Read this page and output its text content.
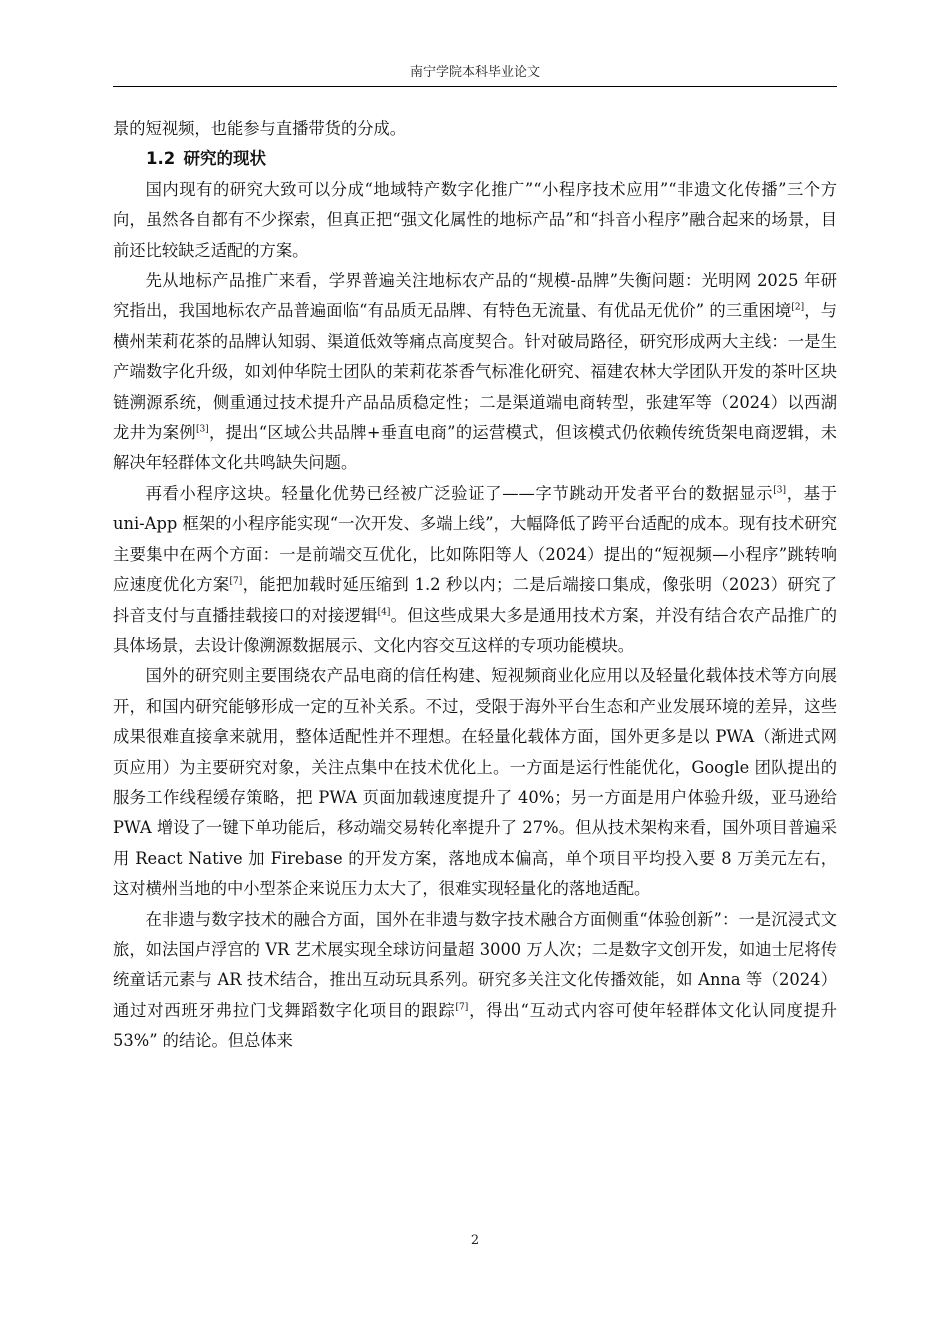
南宁学院本科毕业论文

景的短视频，也能参与直播带货的分成。

1.2 研究的现状

国内现有的研究大致可以分成“地域特产数字化推广”“小程序技术应用”“非遗文化传播”三个方向，虽然各自都有不少探索，但真正把“强文化属性的地标产品”和“抖音小程序”融合起来的场景，目前还比较缺乏适配的方案。

先从地标产品推广来看，学界普遍关注地标农产品的“规模-品牌”失衡问题：光明网 2025 年研究指出，我国地标农产品普遍面临“有品质无品牌、有特色无流量、有优品无优价” 的三重困境[2]，与横州茉莉花茶的品牌认知弱、渠道低效等痛点高度契合。针对破局路径，研究形成两大主线：一是生产端数字化升级，如刘仲华院士团队的茉莉花茶香气标准化研究、福建农林大学团队开发的茶叶区块链溯源系统，侧重通过技术提升产品品质稳定性；二是渠道端电商转型，张建军等（2024）以西湖龙井为案例[3]，提出“区域公共品牌+垂直电商”的运营模式，但该模式仍依赖传统货架电商逻辑，未解决年轻群体文化共鸣缺失问题。

再看小程序这块。轻量化优势已经被广泛验证了——字节跳动开发者平台的数据显示[3]，基于 uni-App 框架的小程序能实现“一次开发、多端上线”，大幅降低了跨平台适配的成本。现有技术研究主要集中在两个方面：一是前端交互优化，比如陈阳等人（2024）提出的“短视频—小程序”跳转响应速度优化方案[7]，能把加载时延压缩到 1.2 秒以内；二是后端接口集成，像张明（2023）研究了抖音支付与直播挂载接口的对接逻辑[4]。但这些成果大多是通用技术方案，并没有结合农产品推广的具体场景，去设计像溯源数据展示、文化内容交互这样的专项功能模块。

国外的研究则主要围绕农产品电商的信任构建、短视频商业化应用以及轻量化载体技术等方向展开，和国内研究能够形成一定的互补关系。不过，受限于海外平台生态和产业发展环境的差异，这些成果很难直接拿来就用，整体适配性并不理想。在轻量化载体方面，国外更多是以 PWA（渐进式网页应用）为主要研究对象，关注点集中在技术优化上。一方面是运行性能优化，Google 团队提出的服务工作线程缓存策略，把 PWA 页面加载速度提升了 40%；另一方面是用户体验升级，亚马逊给 PWA 增设了一键下单功能后，移动端交易转化率提升了 27%。但从技术架构来看，国外项目普遍采用 React Native 加 Firebase 的开发方案，落地成本偏高，单个项目平均投入要 8 万美元左右，这对横州当地的中小型茶企来说压力太大了，很难实现轻量化的落地适配。

在非遗与数字技术的融合方面，国外在非遗与数字技术融合方面侧重“体验创新”：一是沉浸式文旅，如法国卢浮宫的 VR 艺术展实现全球访问量超 3000 万人次；二是数字文创开发，如迪士尼将传统童话元素与 AR 技术结合，推出互动玩具系列。研究多关注文化传播效能，如 Anna 等（2024）通过对西班牙弗拉门戈舞蹈数字化项目的跟踪[7]，得出“互动式内容可使年轻群体文化认同度提升 53%” 的结论。但总体来

2
